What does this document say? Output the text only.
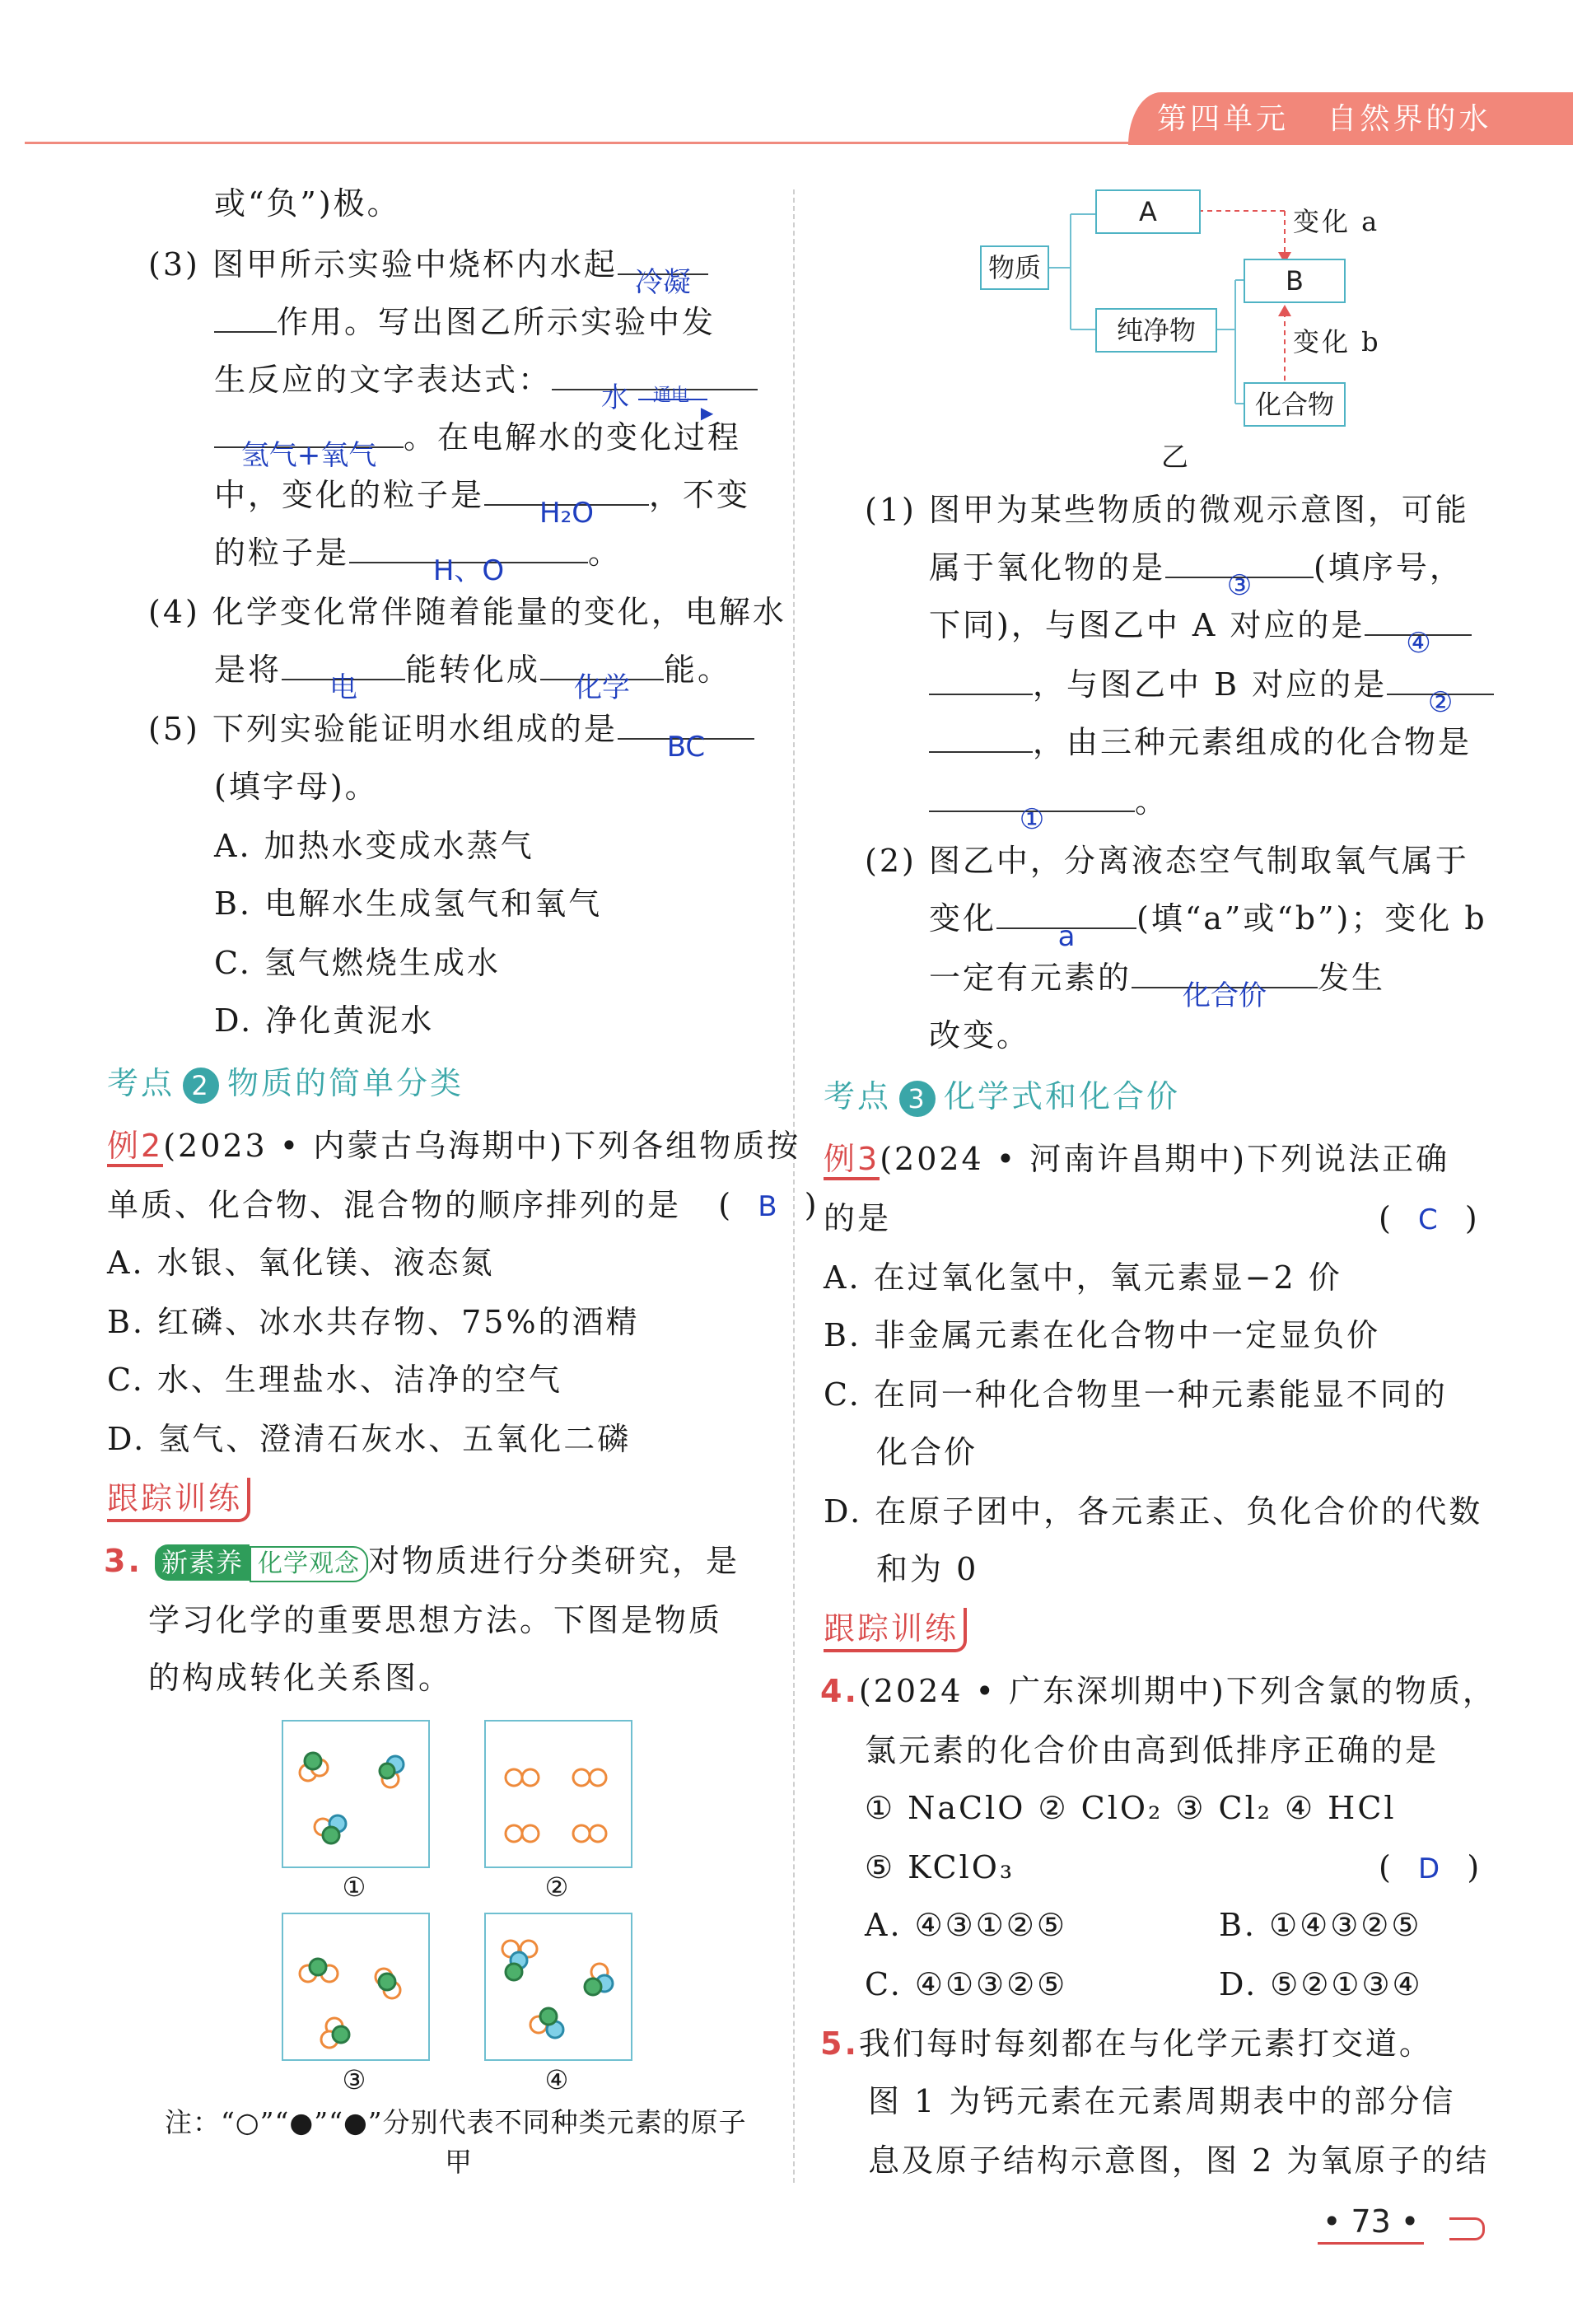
第四单元 自然界的水
或“负”)极。
(3) 图甲所示实验中烧杯内水起 冷凝
作用。写出图乙所示实验中发
生反应的文字表达式： 水 通电
▶
氢气+氧气 。在电解水的变化过程
中，变化的粒子是	H₂O	，不变
的粒子是	H、O	。
(4) 化学变化常伴随着能量的变化，电解水
是将	电	能转化成	化学	能。
(5) 下列实验能证明水组成的是	BC
(填字母)。
A. 加热水变成水蒸气
B. 电解水生成氢气和氧气
C. 氢气燃烧生成水
D. 净化黄泥水
考点 2 物质的简单分类
例2(2023 • 内蒙古乌海期中)下列各组物质按
单质、化合物、混合物的顺序排列的是   (  B  )
A. 水银、氧化镁、液态氮
B. 红磷、冰水共存物、75%的酒精
C. 水、生理盐水、洁净的空气
D. 氢气、澄清石灰水、五氧化二磷
跟踪训练
3. 新素养 化学观念 对物质进行分类研究，是
学习化学的重要思想方法。下图是物质
的构成转化关系图。
①	②
③	④
注：“○”“●”“●”分别代表不同种类元素的原子
甲
物质
A
纯净物
B
化合物
变化 a
变化 b
乙
(1) 图甲为某些物质的微观示意图，可能
属于氧化物的是	③	(填序号，
下同)，与图乙中 A 对应的是	④
，与图乙中 B 对应的是	②
，由三种元素组成的化合物是
①	。
(2) 图乙中，分离液态空气制取氧气属于
变化	a	(填“a”或“b”)；变化 b
一定有元素的	化合价	发生
改变。
考点 3 化学式和化合价
例3(2024 • 河南许昌期中)下列说法正确
的是	(  C  )
A. 在过氧化氢中，氧元素显−2 价
B. 非金属元素在化合物中一定显负价
C. 在同一种化合物里一种元素能显不同的
化合价
D. 在原子团中，各元素正、负化合价的代数
和为 0
跟踪训练
4.(2024 • 广东深圳期中)下列含氯的物质，
氯元素的化合价由高到低排序正确的是
① NaClO ② ClO₂ ③ Cl₂ ④ HCl
⑤ KClO₃	(  D  )
A. ④③①②⑤	B. ①④③②⑤
C. ④①③②⑤	D. ⑤②①③④
5.我们每时每刻都在与化学元素打交道。
图 1 为钙元素在元素周期表中的部分信
息及原子结构示意图，图 2 为氧原子的结
• 73 •
